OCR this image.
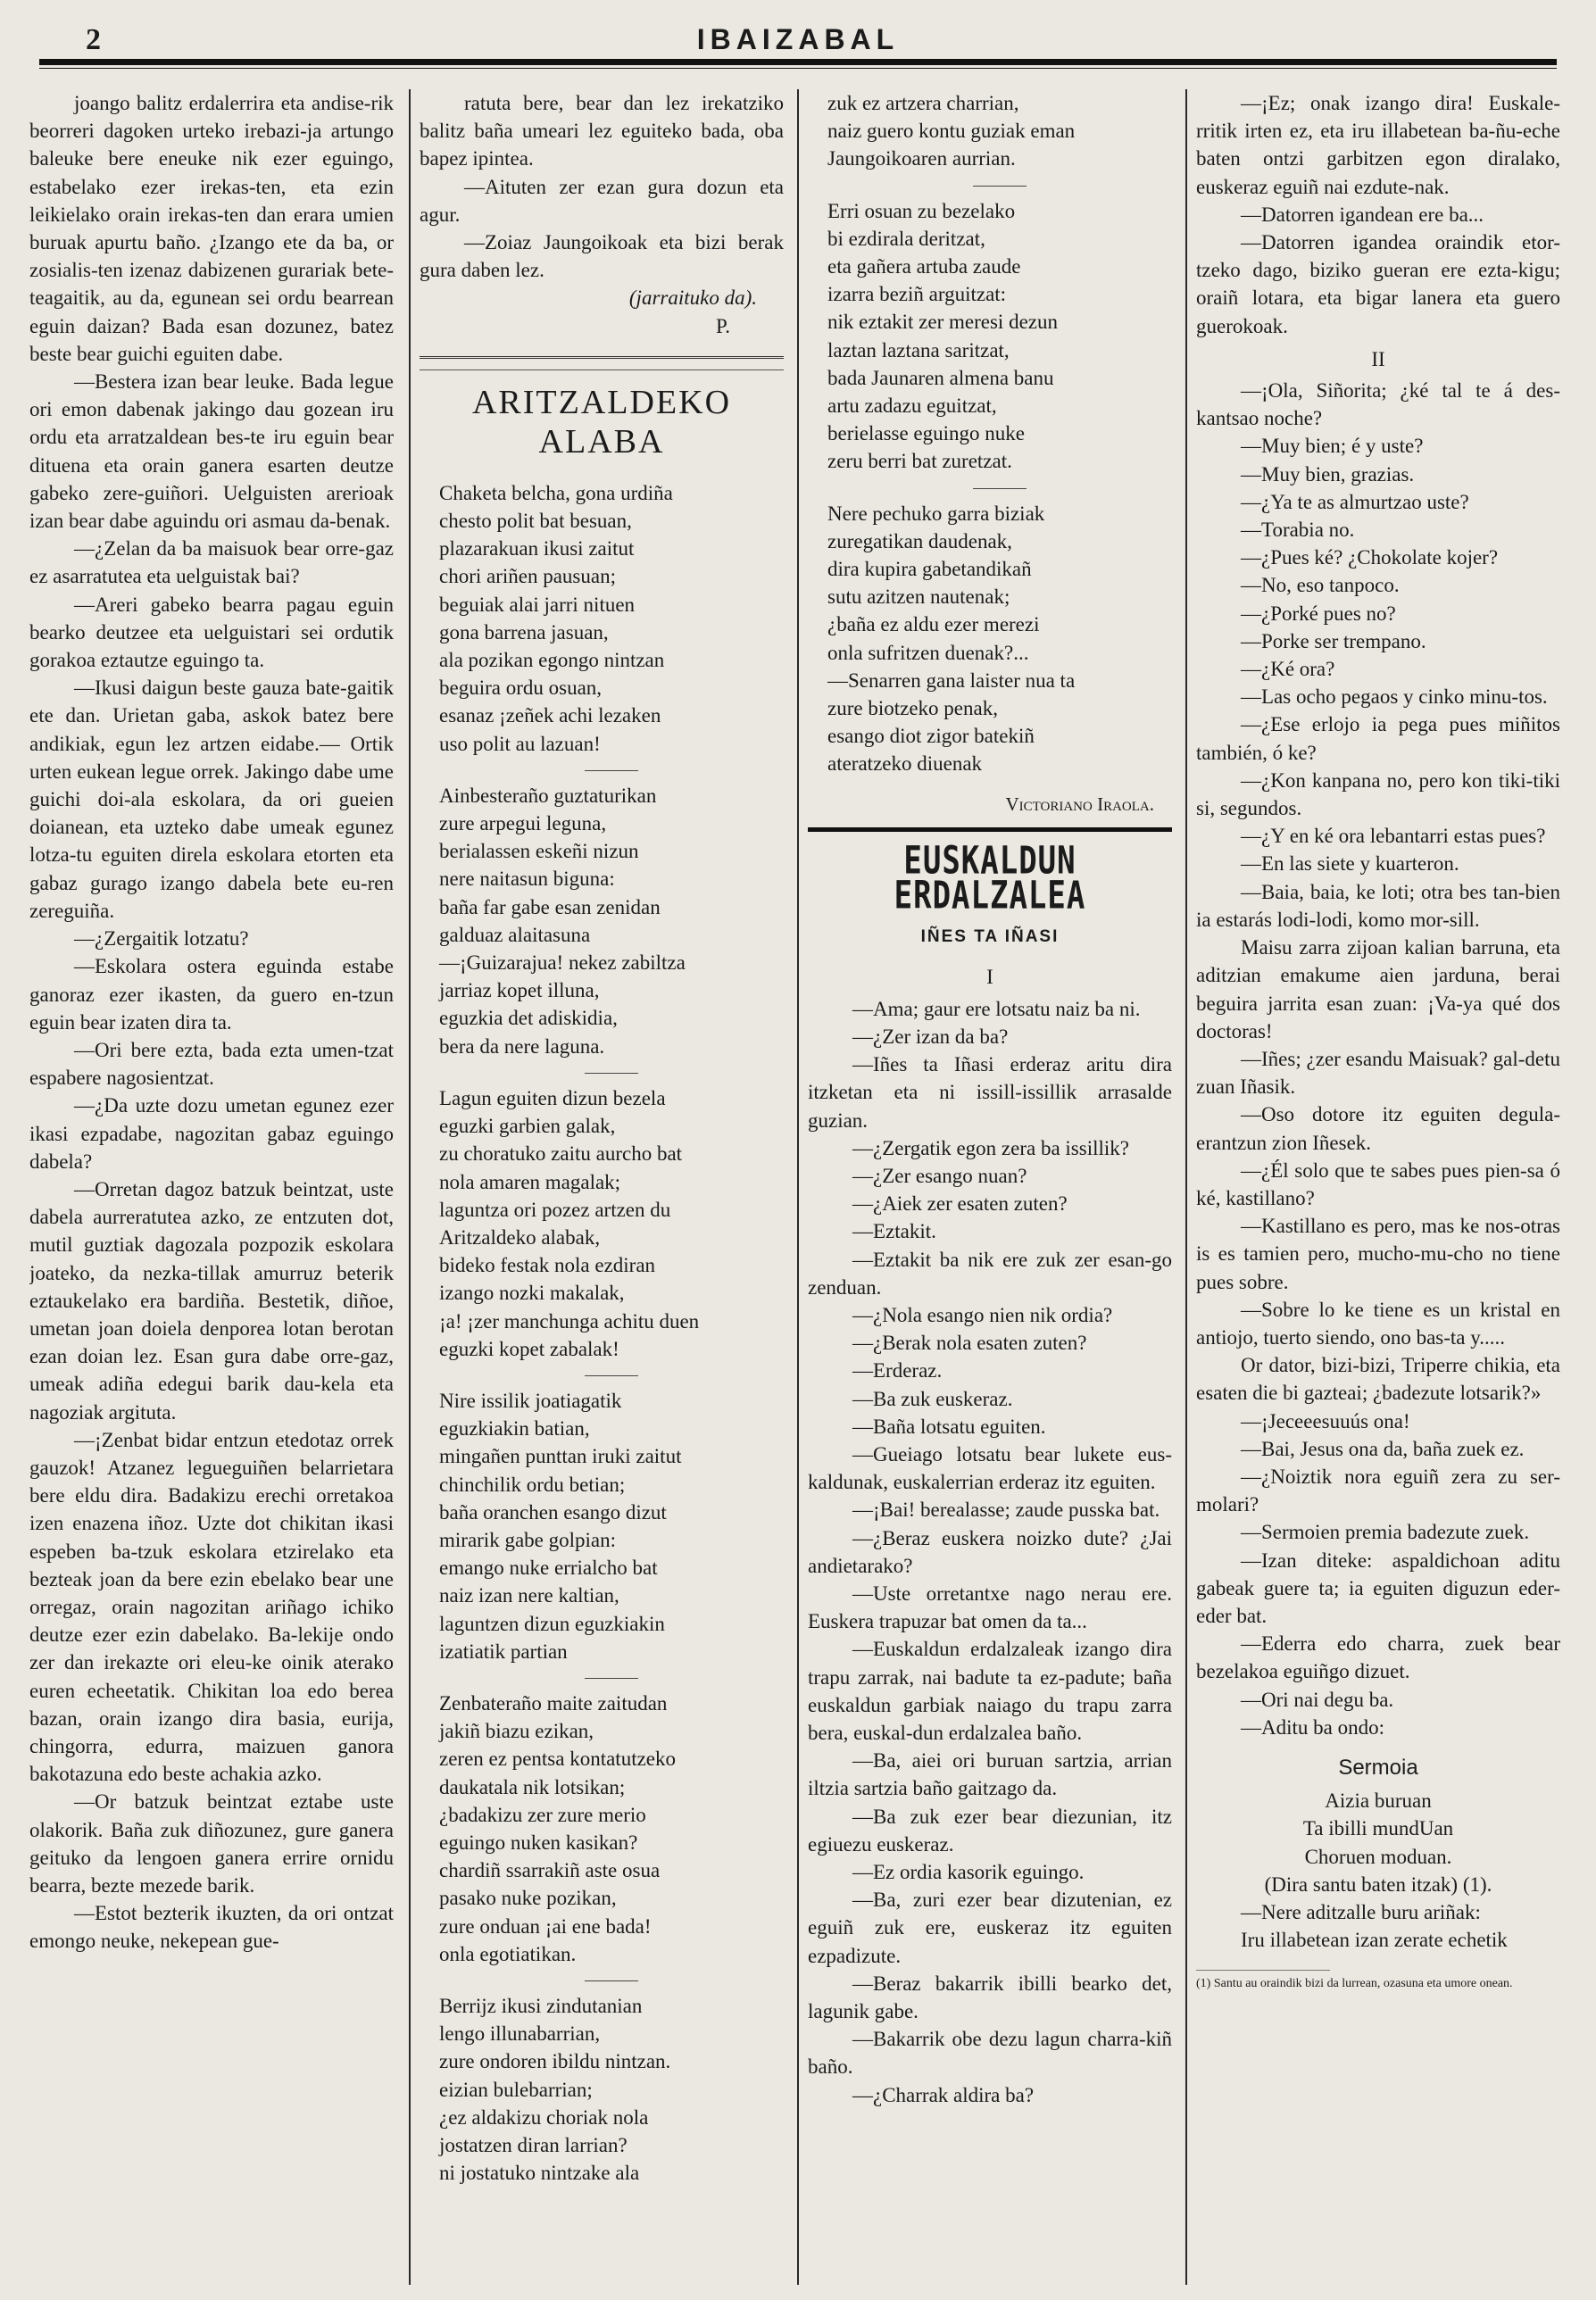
2	IBAIZABAL

joango balitz erdalerrira eta andise-rik beorreri dagoken urteko irebazi-ja artungo baleuke bere eneuke nik ezer eguingo, estabelako ezer irekas-ten, eta ezin leikielako orain irekas-ten dan erara umien buruak apurtu baño. ¿Izango ete da ba, or zosialis-ten izenaz dabizenen gurariak bete-teagaitik, au da, egunean sei ordu bearrean eguin daizan? Bada esan dozunez, batez beste bear guichi eguiten dabe.

—Bestera izan bear leuke. Bada legue ori emon dabenak jakingo dau gozean iru ordu eta arratzaldean bes-te iru eguin bear dituena eta orain ganera esarten deutze gabeko zere-guiñori. Uelguisten arerioak izan bear dabe aguindu ori asmau da-benak.

—¿Zelan da ba maisuok bear orre-gaz ez asarratutea eta uelguistak bai?

—Areri gabeko bearra pagau eguin bearko deutzee eta uelguistari sei ordutik gorakoa eztautze eguingo ta.

—Ikusi daigun beste gauza bate-gaitik ete dan. Urietan gaba, askok batez bere andikiak, egun lez artzen eidabe.— Ortik urten eukean legue orrek. Jakingo dabe ume guichi doi-ala eskolara, da ori gueien doianean, eta uzteko dabe umeak egunez lotza-tu eguiten direla eskolara etorten eta gabaz gurago izango dabela bete eu-ren zereguiña.

—¿Zergaitik lotzatu?

—Eskolara ostera eguinda estabe ganoraz ezer ikasten, da guero en-tzun eguin bear izaten dira ta.

—Ori bere ezta, bada ezta umen-tzat espabere nagosientzat.

—¿Da uzte dozu umetan egunez ezer ikasi ezpadabe, nagozitan gabaz eguingo dabela?

—Orretan dagoz batzuk beintzat, uste dabela aurreratutea azko, ze entzuten dot, mutil guztiak dagozala pozpozik eskolara joateko, da nezka-tillak amurruz beterik eztaukelako era bardiña. Bestetik, diñoe, umetan joan doiela denporea lotan berotan ezan doian lez. Esan gura dabe orre-gaz, umeak adiña edegui barik dau-kela eta nagoziak argituta.

—¡Zenbat bidar entzun etedotaz orrek gauzok! Atzanez legueguiñen belarrietara bere eldu dira. Badakizu erechi orretakoa izen enazena iñoz. Uzte dot chikitan ikasi espeben ba-tzuk eskolara etzirelako eta bezteak joan da bere ezin ebelako bear une orregaz, orain nagozitan ariñago ichiko deutze ezer ezin dabelako. Ba-lekije ondo zer dan irekazte ori eleu-ke oinik aterako euren echeetatik. Chikitan loa edo berea bazan, orain izango dira basia, eurija, chingorra, edurra, maizuen ganora bakotazuna edo beste achakia azko.

—Or batzuk beintzat eztabe uste olakorik. Baña zuk diñozunez, gure ganera geituko da lengoen ganera errire ornidu bearra, bezte mezede barik.

—Estot bezterik ikuzten, da ori ontzat emongo neuke, nekepean gue-

ratuta bere, bear dan lez irekatziko balitz baña umeari lez eguiteko bada, oba bapez ipintea.

—Aituten zer ezan gura dozun eta agur.

—Zoiaz Jaungoikoak eta bizi berak gura daben lez.

(jarraituko da).
P.
ARITZALDEKO ALABA
Chaketa belcha, gona urdiña
chesto polit bat besuan,
plazarakuan ikusi zaitut
chori ariñen pausuan;
beguiak alai jarri nituen
gona barrena jasuan,
ala pozikan egongo nintzan
beguira ordu osuan,
esanaz ¡zeñek achi lezaken
uso polit au lazuan!
Ainbesteraño guztaturikan
zure arpegui leguna,
berialassen eskeñi nizun
nere naitasun biguna:
baña far gabe esan zenidan
galduaz alaitasuna
—¡Guizarajua! nekez zabiltza
jarriaz kopet illuna,
eguzkia det adiskidia,
bera da nere laguna.
Lagun eguiten dizun bezela
eguzki garbien galak,
zu choratuko zaitu aurcho bat
nola amaren magalak;
laguntza ori pozez artzen du
Aritzaldeko alabak,
bideko festak nola ezdiran
izango nozki makalak,
¡a! ¡zer manchunga achitu duen
eguzki kopet zabalak!
Nire issilik joatiagatik
eguzkiakin batian,
mingañen punttan iruki zaitut
chinchilik ordu betian;
baña oranchen esango dizut
mirarik gabe golpian:
emango nuke errialcho bat
naiz izan nere kaltian,
laguntzen dizun eguzkiakin
izatiatik partian
Zenbateraño maite zaitudan
jakiñ biazu ezikan,
zeren ez pentsa kontatutzeko
daukatala nik lotsikan;
¿badakizu zer zure merio
eguingo nuken kasikan?
chardiñ ssarrakiñ aste osua
pasako nuke pozikan,
zure onduan ¡ai ene bada!
onla egotiatikan.
Berrijz ikusi zindutanian
lengo illunabarrian,
zure ondoren ibildu nintzan.
eizian bulebarrian;
¿ez aldakizu choriak nola
jostatzen diran larrian?
ni jostatuko nintzake ala
zuk ez artzera charrian,
naiz guero kontu guziak eman
Jaungoikoaren aurrian.
Erri osuan zu bezelako
bi ezdirala deritzat,
eta gañera artuba zaude
izarra beziñ arguitzat:
nik eztakit zer meresi dezun
laztan laztana saritzat,
bada Jaunaren almena banu
artu zadazu eguitzat,
berielasse eguingo nuke
zeru berri bat zuretzat.
Nere pechuko garra biziak
zuregatikan daudenak,
dira kupira gabetandikañ
sutu azitzen nautenak;
¿baña ez aldu ezer merezi
onla sufritzen duenak?...
—Senarren gana laister nua ta
zure biotzeko penak,
esango diot zigor batekiñ
ateratzeko diuenak
Victoriano Iraola.
EUSKALDUN ERDALZALEA
IÑES TA IÑASI
I

—Ama; gaur ere lotsatu naiz ba ni.

—¿Zer izan da ba?

—Iñes ta Iñasi erderaz aritu dira itzketan eta ni issill-issillik arrasalde guzian.

—¿Zergatik egon zera ba issillik?

—¿Zer esango nuan?

—¿Aiek zer esaten zuten?

—Eztakit.

—Eztakit ba nik ere zuk zer esan-go zenduan.

—¿Nola esango nien nik ordia?

—¿Berak nola esaten zuten?

—Erderaz.

—Ba zuk euskeraz.

—Baña lotsatu eguiten.

—Gueiago lotsatu bear lukete eus-kaldunak, euskalerrian erderaz itz eguiten.

—¡Bai! berealasse; zaude pusska bat.

—¿Beraz euskera noizko dute? ¿Jai andietarako?

—Uste orretantxe nago nerau ere. Euskera trapuzar bat omen da ta...

—Euskaldun erdalzaleak izango dira trapu zarrak, nai badute ta ez-padute; baña euskaldun garbiak naiago du trapu zarra bera, euskal-dun erdalzalea baño.

—Ba, aiei ori buruan sartzia, arrian iltzia sartzia baño gaitzago da.

—Ba zuk ezer bear diezunian, itz egiuezu euskeraz.

—Ez ordia kasorik eguingo.

—Ba, zuri ezer bear dizutenian, ez eguiñ zuk ere, euskeraz itz eguiten ezpadizute.

—Beraz bakarrik ibilli bearko det, lagunik gabe.

—Bakarrik obe dezu lagun charra-kiñ baño.

—¿Charrak aldira ba?

—¡Ez; onak izango dira! Euskale-rritik irten ez, eta iru illabetean ba-ñu-eche baten ontzi garbitzen egon diralako, euskeraz eguiñ nai ezdute-nak.

—Datorren igandean ere ba...

—Datorren igandea oraindik etor-tzeko dago, biziko gueran ere ezta-kigu; oraiñ lotara, eta bigar lanera eta guero guerokoak.

II

—¡Ola, Siñorita; ¿ké tal te á des-kantsao noche?

—Muy bien; é y uste?

—Muy bien, grazias.

—¿Ya te as almurtzao uste?

—Torabia no.

—¿Pues ké? ¿Chokolate kojer?

—No, eso tanpoco.

—¿Porké pues no?

—Porke ser trempano.

—¿Ké ora?

—Las ocho pegaos y cinko minu-tos.

—¿Ese erlojo ia pega pues miñitos también, ó ke?

—¿Kon kanpana no, pero kon tiki-tiki si, segundos.

—¿Y en ké ora lebantarri estas pues?

—En las siete y kuarteron.

—Baia, baia, ke loti; otra bes tan-bien ia estarás lodi-lodi, komo mor-sill.

Maisu zarra zijoan kalian barruna, eta aditzian emakume aien jarduna, berai beguira jarrita esan zuan: ¡Va-ya qué dos doctoras!

—Iñes; ¿zer esandu Maisuak? gal-detu zuan Iñasik.

—Oso dotore itz eguiten degula-erantzun zion Iñesek.

—¿Él solo que te sabes pues pien-sa ó ké, kastillano?

—Kastillano es pero, mas ke nos-otras is es tamien pero, mucho-mu-cho no tiene pues sobre.

—Sobre lo ke tiene es un kristal en antiojo, tuerto siendo, ono bas-ta y.....

Or dator, bizi-bizi, Triperre chikia, eta esaten die bi gazteai; ¿badezute lotsarik?»

—¡Jeceeesuuús ona!

—Bai, Jesus ona da, baña zuek ez.

—¿Noiztik nora eguiñ zera zu ser-molari?

—Sermoien premia badezute zuek.

—Izan diteke: aspaldichoan aditu gabeak guere ta; ia eguiten diguzun eder-eder bat.

—Ederra edo charra, zuek bear bezelakoa eguiñgo dizuet.

—Ori nai degu ba.

—Aditu ba ondo:

Sermoia
Aizia buruan
Ta ibilli mundUan
Choruen moduan.
(Dira santu baten itzak) (1).

—Nere aditzalle buru ariñak:

Iru illabetean izan zerate echetik

(1) Santu au oraindik bizi da lurrean, ozasuna eta umore onean.
